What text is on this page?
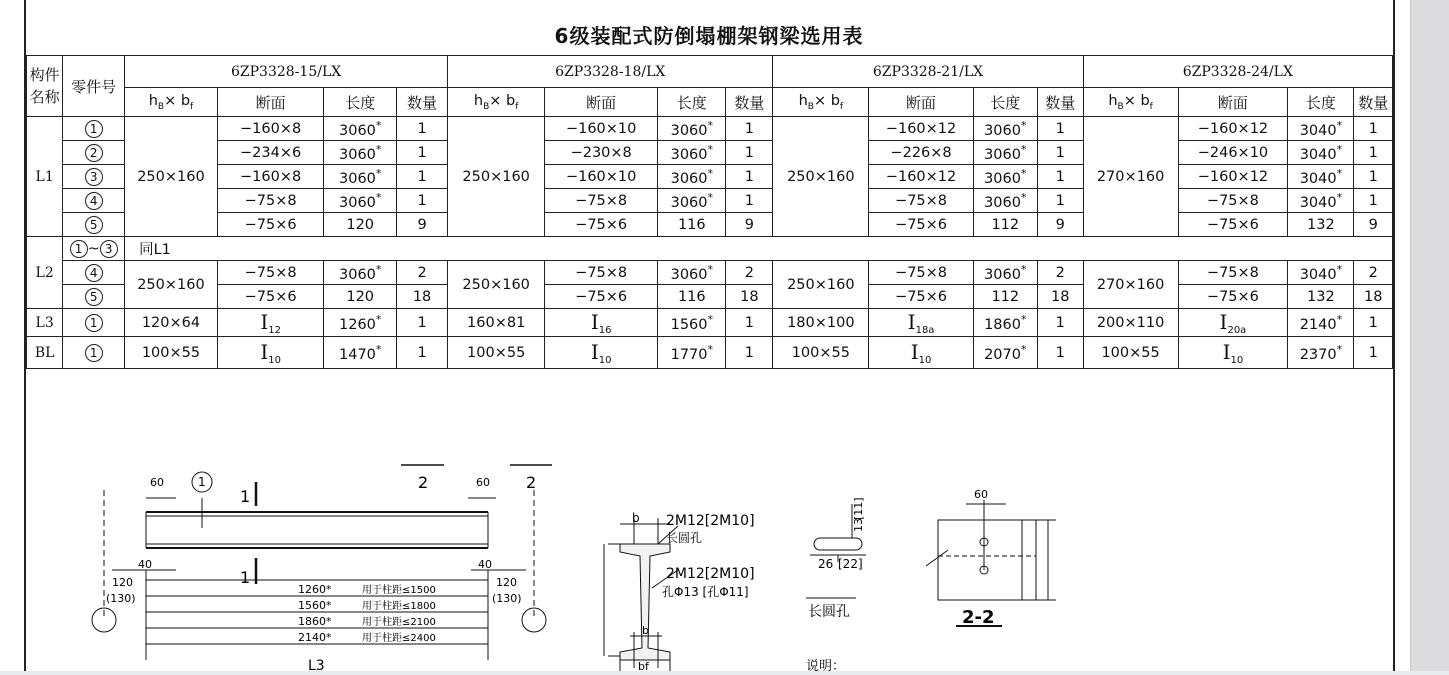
6级装配式防倒塌棚架钢梁选用表
构件
名称	零件号	6ZP3328-15/LX				6ZP3328-18/LX				6ZP3328-21/LX				6ZP3328-24/LX			
		$h_B\times b_f$	断面	长度	数量	$h_B\times b_f$	断面	长度	数量	$h_B\times b_f$	断面	长度	数量	$h_B\times b_f$	断面	长度	数量
L1	1	250×160	−160×8	3060*	1	250×160	−160×10	3060*	1	250×160	−160×12	3060*	1	270×160	−160×12	3040*	1
	2		−234×6	3060*	1		−230×8	3060*	1		−226×8	3060*	1		−246×10	3040*	1
	3		−160×8	3060*	1		−160×10	3060*	1		−160×12	3060*	1		−160×12	3040*	1
	4		−75×8	3060*	1		−75×8	3060*	1		−75×8	3060*	1		−75×8	3040*	1
	5		−75×6	120	9		−75×6	116	9		−75×6	112	9		−75×6	132	9
L2	1 ~ 3	同L1															
	4	250×160	−75×8	3060*	2	250×160	−75×8	3060*	2	250×160	−75×8	3060*	2	270×160	−75×8	3040*	2
	5		−75×6	120	18		−75×6	116	18		−75×6	112	18		−75×6	132	18
L3	1	120×64	$I_{12}$	1260*	1	160×81	$I_{16}$	1560*	1	180×100	$I_{18a}$	1860*	1	200×110	$I_{20a}$	2140*	1
BL	1	100×55	$I_{10}$	1470*	1	100×55	$I_{10}$	1770*	1	100×55	$I_{10}$	2070*	1	100×55	$I_{10}$	2370*	1
60	60
1
1
1
2	2
40	40
120
(130)
120
(130)
1260*	用于柱距≤1500
1560*	用于柱距≤1800
1860*	用于柱距≤2100
2140*	用于柱距≤2400
L3
b 2M12[2M10]
长圆孔
2M12[2M10]
孔Φ13 [孔Φ11]
b
bf
26 [22]
13
[11]
长圆孔
说明：
60
2-2
